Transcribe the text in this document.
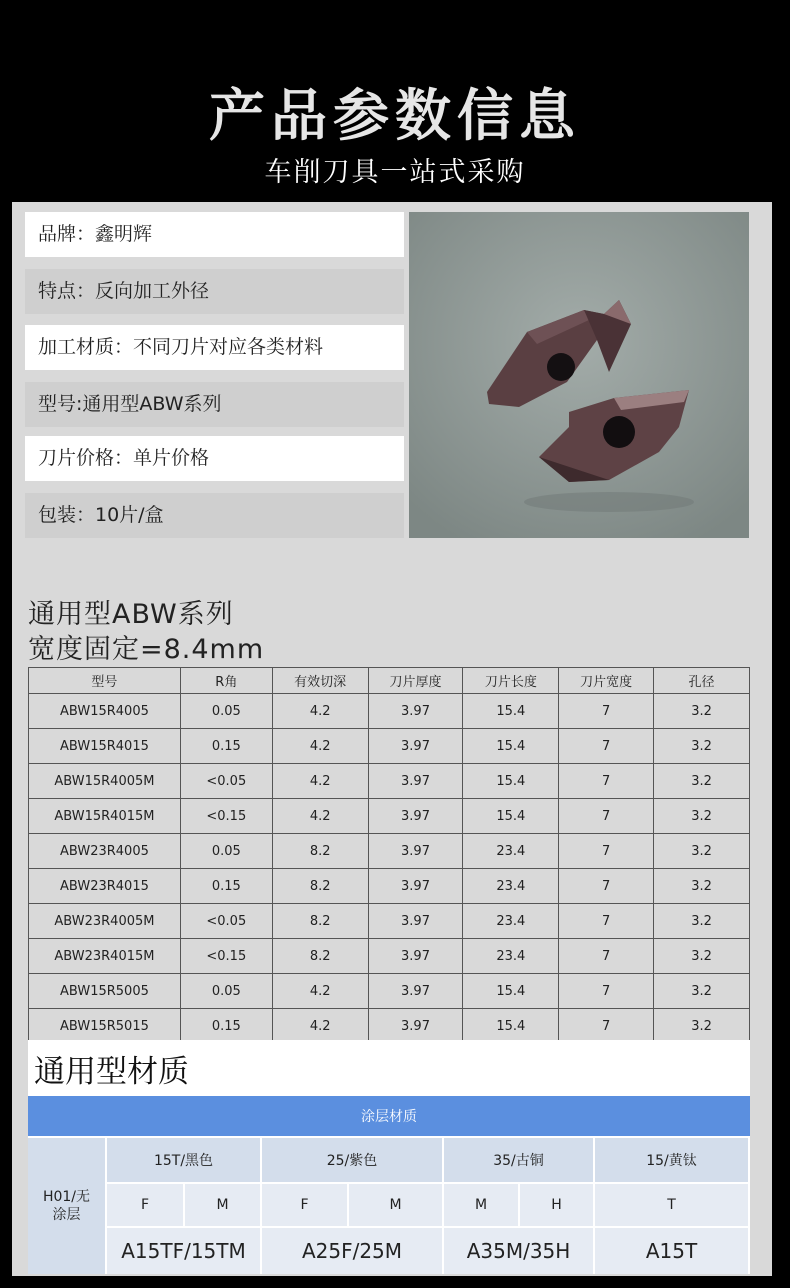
产品参数信息
车削刀具一站式采购
品牌：鑫明辉
特点：反向加工外径
加工材质：不同刀片对应各类材料
型号:通用型ABW系列
刀片价格：单片价格
包装：10片/盒
通用型ABW系列
宽度固定=8.4mm
型号	R角	有效切深	刀片厚度	刀片长度	刀片宽度	孔径
ABW15R4005	0.05	4.2	3.97	15.4	7	3.2
ABW15R4015	0.15	4.2	3.97	15.4	7	3.2
ABW15R4005M	<0.05	4.2	3.97	15.4	7	3.2
ABW15R4015M	<0.15	4.2	3.97	15.4	7	3.2
ABW23R4005	0.05	8.2	3.97	23.4	7	3.2
ABW23R4015	0.15	8.2	3.97	23.4	7	3.2
ABW23R4005M	<0.05	8.2	3.97	23.4	7	3.2
ABW23R4015M	<0.15	8.2	3.97	23.4	7	3.2
ABW15R5005	0.05	4.2	3.97	15.4	7	3.2
ABW15R5015	0.15	4.2	3.97	15.4	7	3.2
通用型材质
涂层材质							

H01/无
涂层	15T/黑色		25/紫色		35/古铜		15/黄钛
	F	M	F	M	M	H	T
	A15TF/15TM		A25F/25M		A35M/35H		A15T
